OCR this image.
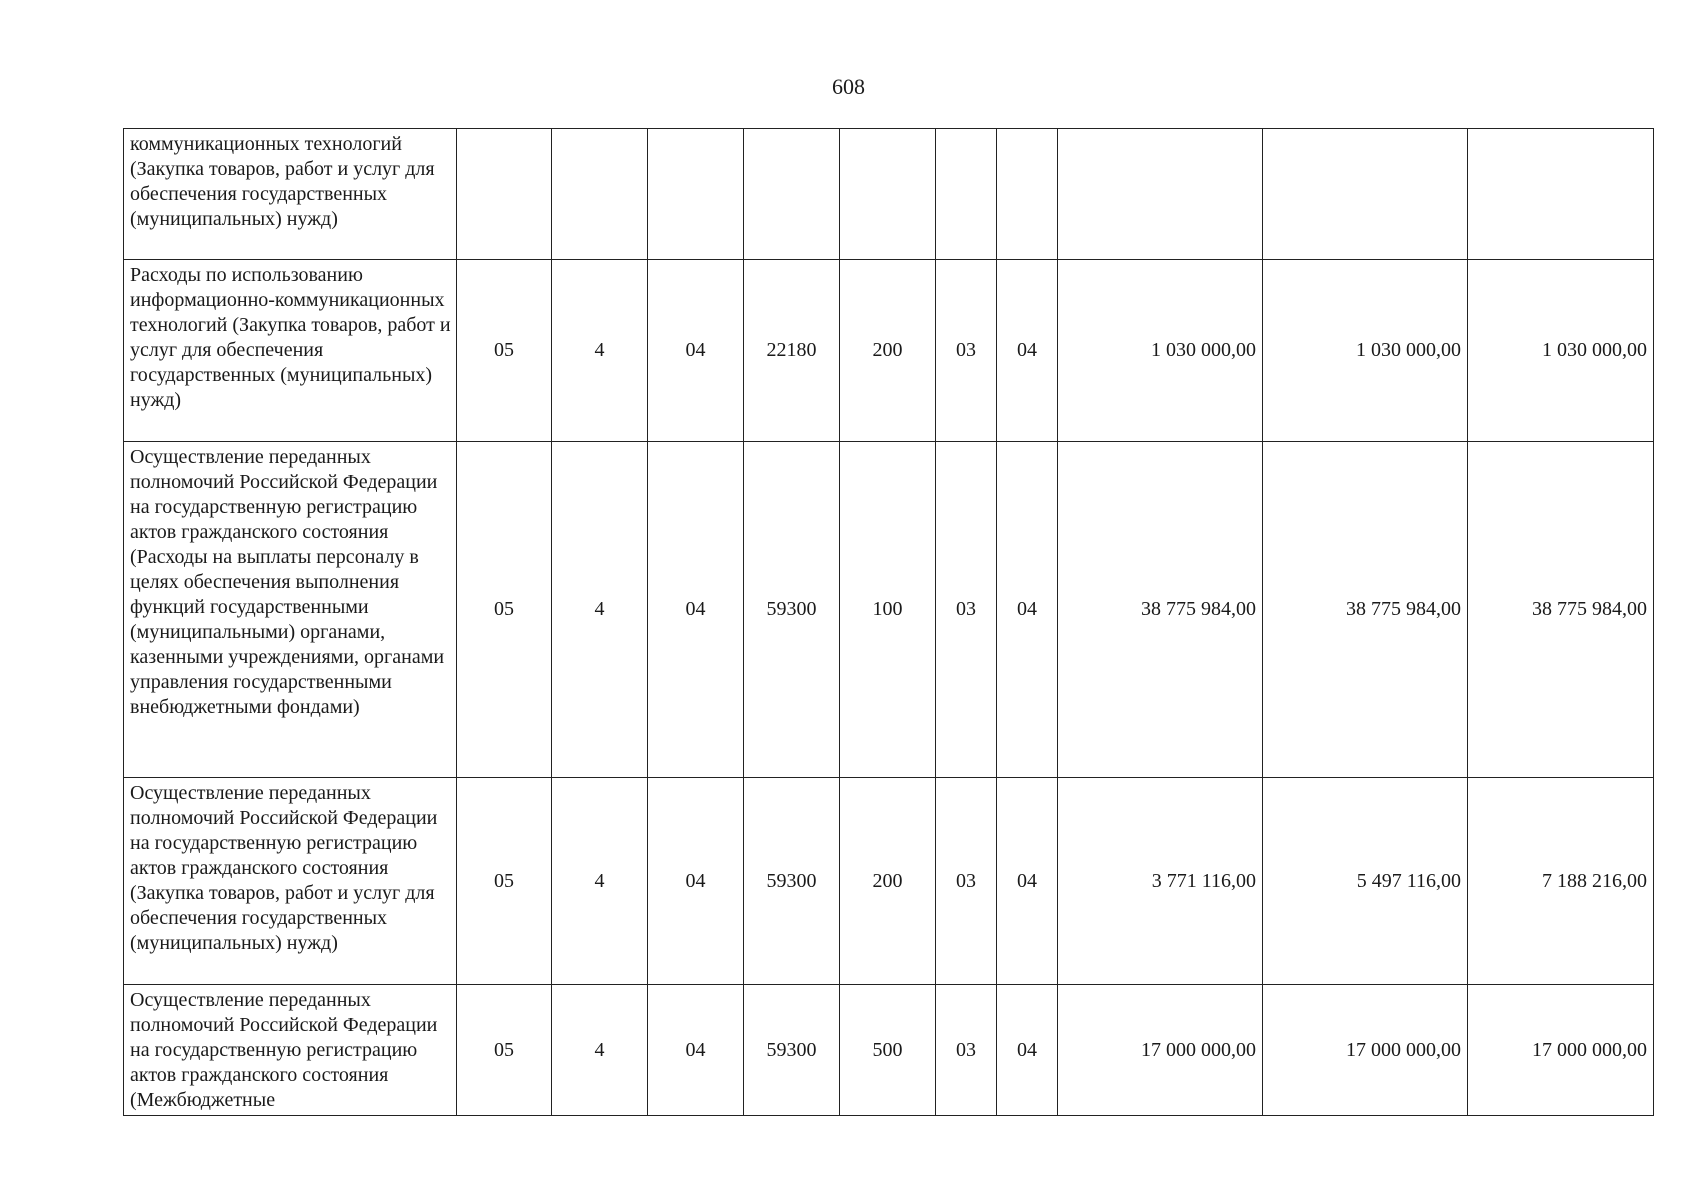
608
коммуникационных технологий (Закупка товаров, работ и услуг для обеспечения государственных (муниципальных) нужд)										
Расходы по использованию информационно-коммуникационных технологий (Закупка товаров, работ и услуг для обеспечения государственных (муниципальных) нужд)	05	4	04	22180	200	03	04	1 030 000,00	1 030 000,00	1 030 000,00
Осуществление переданных полномочий Российской Федерации на государственную регистрацию актов гражданского состояния (Расходы на выплаты персоналу в целях обеспечения выполнения функций государственными (муниципальными) органами, казенными учреждениями, органами управления государственными внебюджетными фондами)	05	4	04	59300	100	03	04	38 775 984,00	38 775 984,00	38 775 984,00
Осуществление переданных полномочий Российской Федерации на государственную регистрацию актов гражданского состояния (Закупка товаров, работ и услуг для обеспечения государственных (муниципальных) нужд)	05	4	04	59300	200	03	04	3 771 116,00	5 497 116,00	7 188 216,00
Осуществление переданных полномочий Российской Федерации на государственную регистрацию актов гражданского состояния (Межбюджетные	05	4	04	59300	500	03	04	17 000 000,00	17 000 000,00	17 000 000,00
